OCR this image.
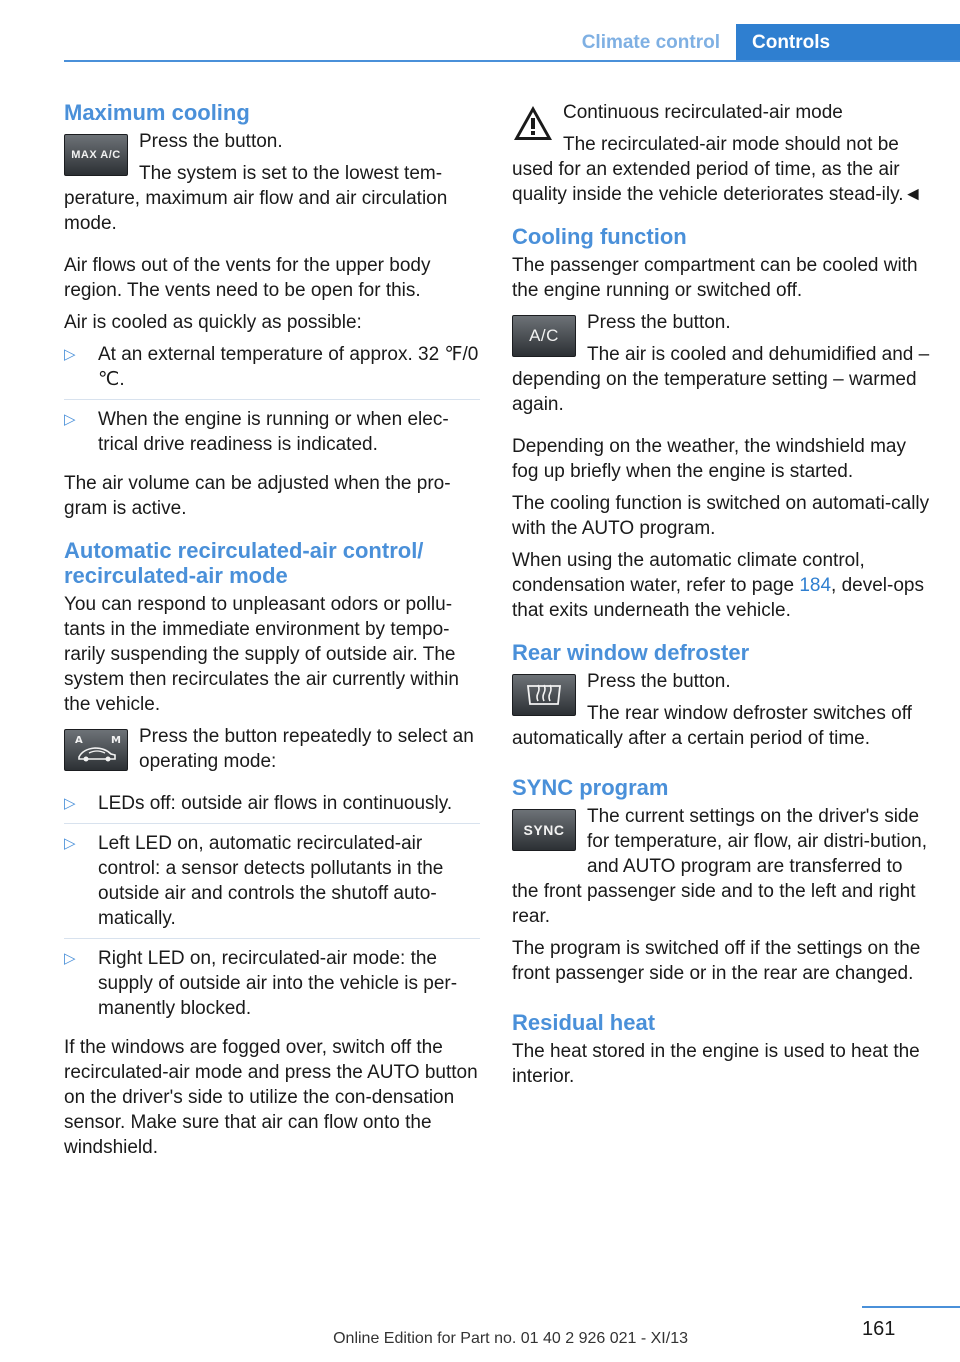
Climate control	Controls
Maximum cooling
MAX A/C

Press the button.

The system is set to the lowest tem‐perature, maximum air flow and air circulation mode.

Air flows out of the vents for the upper body region. The vents need to be open for this.

Air is cooled as quickly as possible:

▷ At an external temperature of approx. 32 ℉/0 ℃.
▷ When the engine is running or when elec‐trical drive readiness is indicated.

The air volume can be adjusted when the pro‐gram is active.

Automatic recirculated-air control/ recirculated-air mode

You can respond to unpleasant odors or pollu‐tants in the immediate environment by tempo‐rarily suspending the supply of outside air. The system then recirculates the air currently within the vehicle.

A	M Press the button repeatedly to select an operating mode:

▷ LEDs off: outside air flows in continuously.
▷ Left LED on, automatic recirculated-air control: a sensor detects pollutants in the outside air and controls the shutoff auto‐matically.
▷ Right LED on, recirculated-air mode: the supply of outside air into the vehicle is per‐manently blocked.

If the windows are fogged over, switch off the recirculated-air mode and press the AUTO button on the driver's side to utilize the con‐densation sensor. Make sure that air can flow onto the windshield.

Continuous recirculated-air mode

The recirculated-air mode should not be used for an extended period of time, as the air quality inside the vehicle deteriorates stead‐ily.◄

Cooling function

The passenger compartment can be cooled with the engine running or switched off.

A/C

Press the button.

The air is cooled and dehumidified and – depending on the temperature setting – warmed again.

Depending on the weather, the windshield may fog up briefly when the engine is started.

The cooling function is switched on automati‐cally with the AUTO program.

When using the automatic climate control, condensation water, refer to page 184, devel‐ops that exits underneath the vehicle.

Rear window defroster

Press the button.

The rear window defroster switches off automatically after a certain period of time.

SYNC program
SYNC

The current settings on the driver's side for temperature, air flow, air distri‐bution, and AUTO program are transferred to the front passenger side and to the left and right rear.

The program is switched off if the settings on the front passenger side or in the rear are changed.

Residual heat

The heat stored in the engine is used to heat the interior.

161
Online Edition for Part no. 01 40 2 926 021 - XI/13
